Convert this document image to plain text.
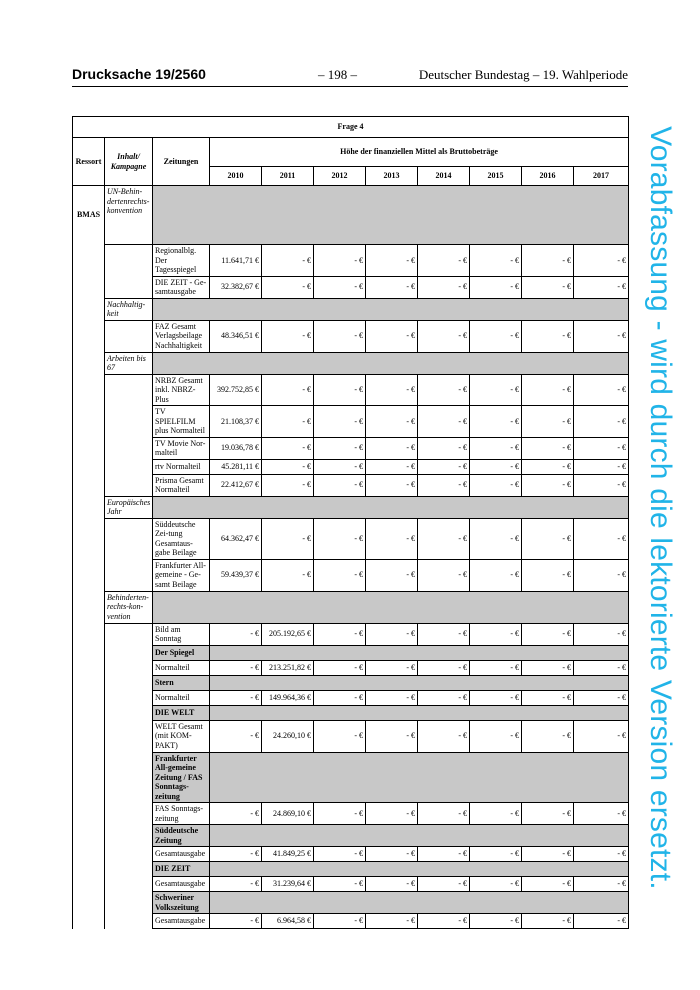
Drucksache 19/2560	– 198 –	Deutscher Bundestag – 19. Wahlperiode
Vorabfassung - wird durch die lektorierte Version ersetzt.
Frage 4										
Ressort	Inhalt/ Kampagne	Zeitungen	Höhe der finanziellen Mittel als Bruttobeträge							
			2010	2011	2012	2013	2014	2015	2016	2017
BMAS	UN-Behin-dertenrechts-konvention									
		Regionalblg. Der Tagesspiegel	11.641,71 €	- €	- €	- €	- €	- €	- €	- €
		DIE ZEIT - Ge-samtausgabe	32.382,67 €	- €	- €	- €	- €	- €	- €	- €
	Nachhaltig-keit									
		FAZ Gesamt Verlagsbeilage Nachhaltigkeit	48.346,51 €	- €	- €	- €	- €	- €	- €	- €
	Arbeiten bis 67									
		NRBZ Gesamt inkl. NBRZ-Plus	392.752,85 €	- €	- €	- €	- €	- €	- €	- €
		TV SPIELFILM plus Normalteil	21.108,37 €	- €	- €	- €	- €	- €	- €	- €
		TV Movie Nor-malteil	19.036,78 €	- €	- €	- €	- €	- €	- €	- €
		rtv Normalteil	45.281,11 €	- €	- €	- €	- €	- €	- €	- €
		Prisma Gesamt Normalteil	22.412,67 €	- €	- €	- €	- €	- €	- €	- €
	Europäisches Jahr									
		Süddeutsche Zei-tung Gesamtaus-gabe Beilage	64.362,47 €	- €	- €	- €	- €	- €	- €	- €
		Frankfurter All-gemeine - Ge-samt Beilage	59.439,37 €	- €	- €	- €	- €	- €	- €	- €
	Behinderten-rechts-kon-vention									
		Bild am Sonntag	- €	205.192,65 €	- €	- €	- €	- €	- €	- €
		Der Spiegel								
		Normalteil	- €	213.251,82 €	- €	- €	- €	- €	- €	- €
		Stern								
		Normalteil	- €	149.964,36 €	- €	- €	- €	- €	- €	- €
		DIE WELT								
		WELT Gesamt (mit KOM-PAKT)	- €	24.260,10 €	- €	- €	- €	- €	- €	- €
		Frankfurter All-gemeine Zeitung / FAS Sonntags-zeitung								
		FAS Sonntags-zeitung	- €	24.869,10 €	- €	- €	- €	- €	- €	- €
		Süddeutsche Zeitung								
		Gesamtausgabe	- €	41.849,25 €	- €	- €	- €	- €	- €	- €
		DIE ZEIT								
		Gesamtausgabe	- €	31.239,64 €	- €	- €	- €	- €	- €	- €
		Schweriner Volkszeitung								
		Gesamtausgabe	- €	6.964,58 €	- €	- €	- €	- €	- €	- €
